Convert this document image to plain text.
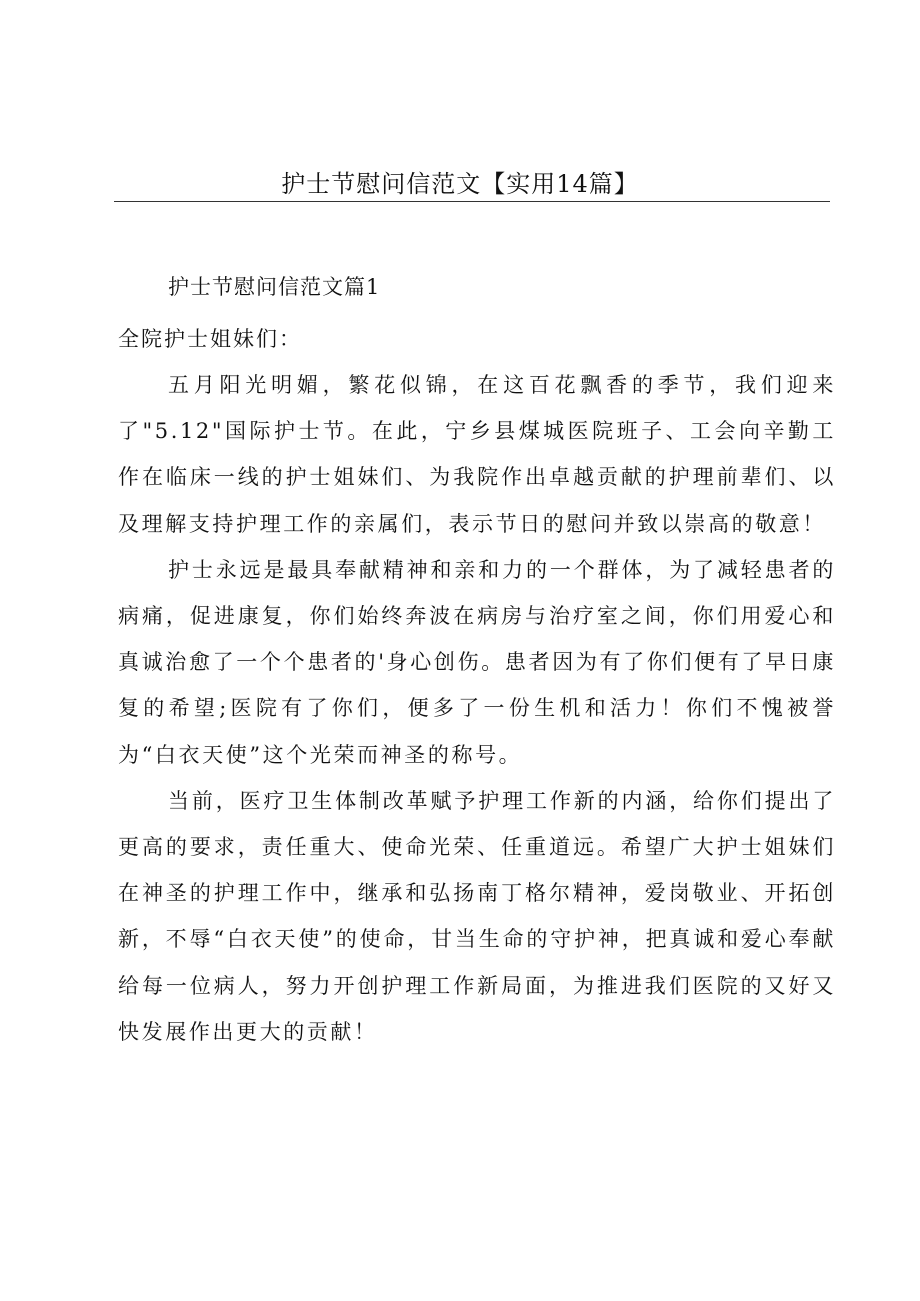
护士节慰问信范文【实用14篇】
护士节慰问信范文篇1

全院护士姐妹们：

五月阳光明媚，繁花似锦，在这百花飘香的季节，我们迎来了"5.12"国际护士节。在此，宁乡县煤城医院班子、工会向辛勤工作在临床一线的护士姐妹们、为我院作出卓越贡献的护理前辈们、以及理解支持护理工作的亲属们，表示节日的慰问并致以崇高的敬意！

护士永远是最具奉献精神和亲和力的一个群体，为了减轻患者的病痛，促进康复，你们始终奔波在病房与治疗室之间，你们用爱心和真诚治愈了一个个患者的'身心创伤。患者因为有了你们便有了早日康复的希望;医院有了你们，便多了一份生机和活力！你们不愧被誉为“白衣天使”这个光荣而神圣的称号。

当前，医疗卫生体制改革赋予护理工作新的内涵，给你们提出了更高的要求，责任重大、使命光荣、任重道远。希望广大护士姐妹们在神圣的护理工作中，继承和弘扬南丁格尔精神，爱岗敬业、开拓创新，不辱“白衣天使”的使命，甘当生命的守护神，把真诚和爱心奉献给每一位病人，努力开创护理工作新局面，为推进我们医院的又好又快发展作出更大的贡献！
